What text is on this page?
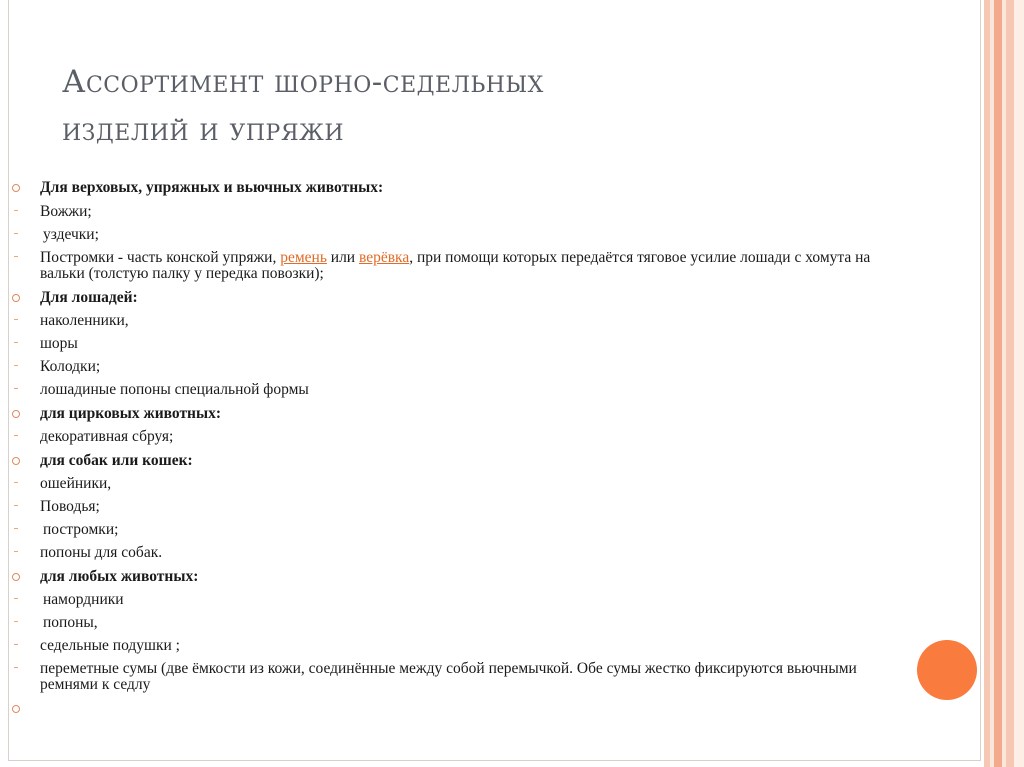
Ассортимент шорно-седельных
изделий и упряжи
Для верховых, упряжных и вьючных животных:
Вожжи;
уздечки;
Постромки - часть конской упряжи, ремень или верёвка, при помощи которых передаётся тяговое усилие лошади с хомута на
вальки (толстую палку у передка повозки);
Для лошадей:
наколенники,
шоры
Колодки;
лошадиные попоны специальной формы
для цирковых животных:
декоративная сбруя;
для собак или кошек:
ошейники,
Поводья;
постромки;
попоны для собак.
для любых животных:
намордники
попоны,
седельные подушки ;
переметные сумы (две ёмкости из кожи, соединённые между собой перемычкой. Обе сумы жестко фиксируются вьючными
ремнями к седлу
